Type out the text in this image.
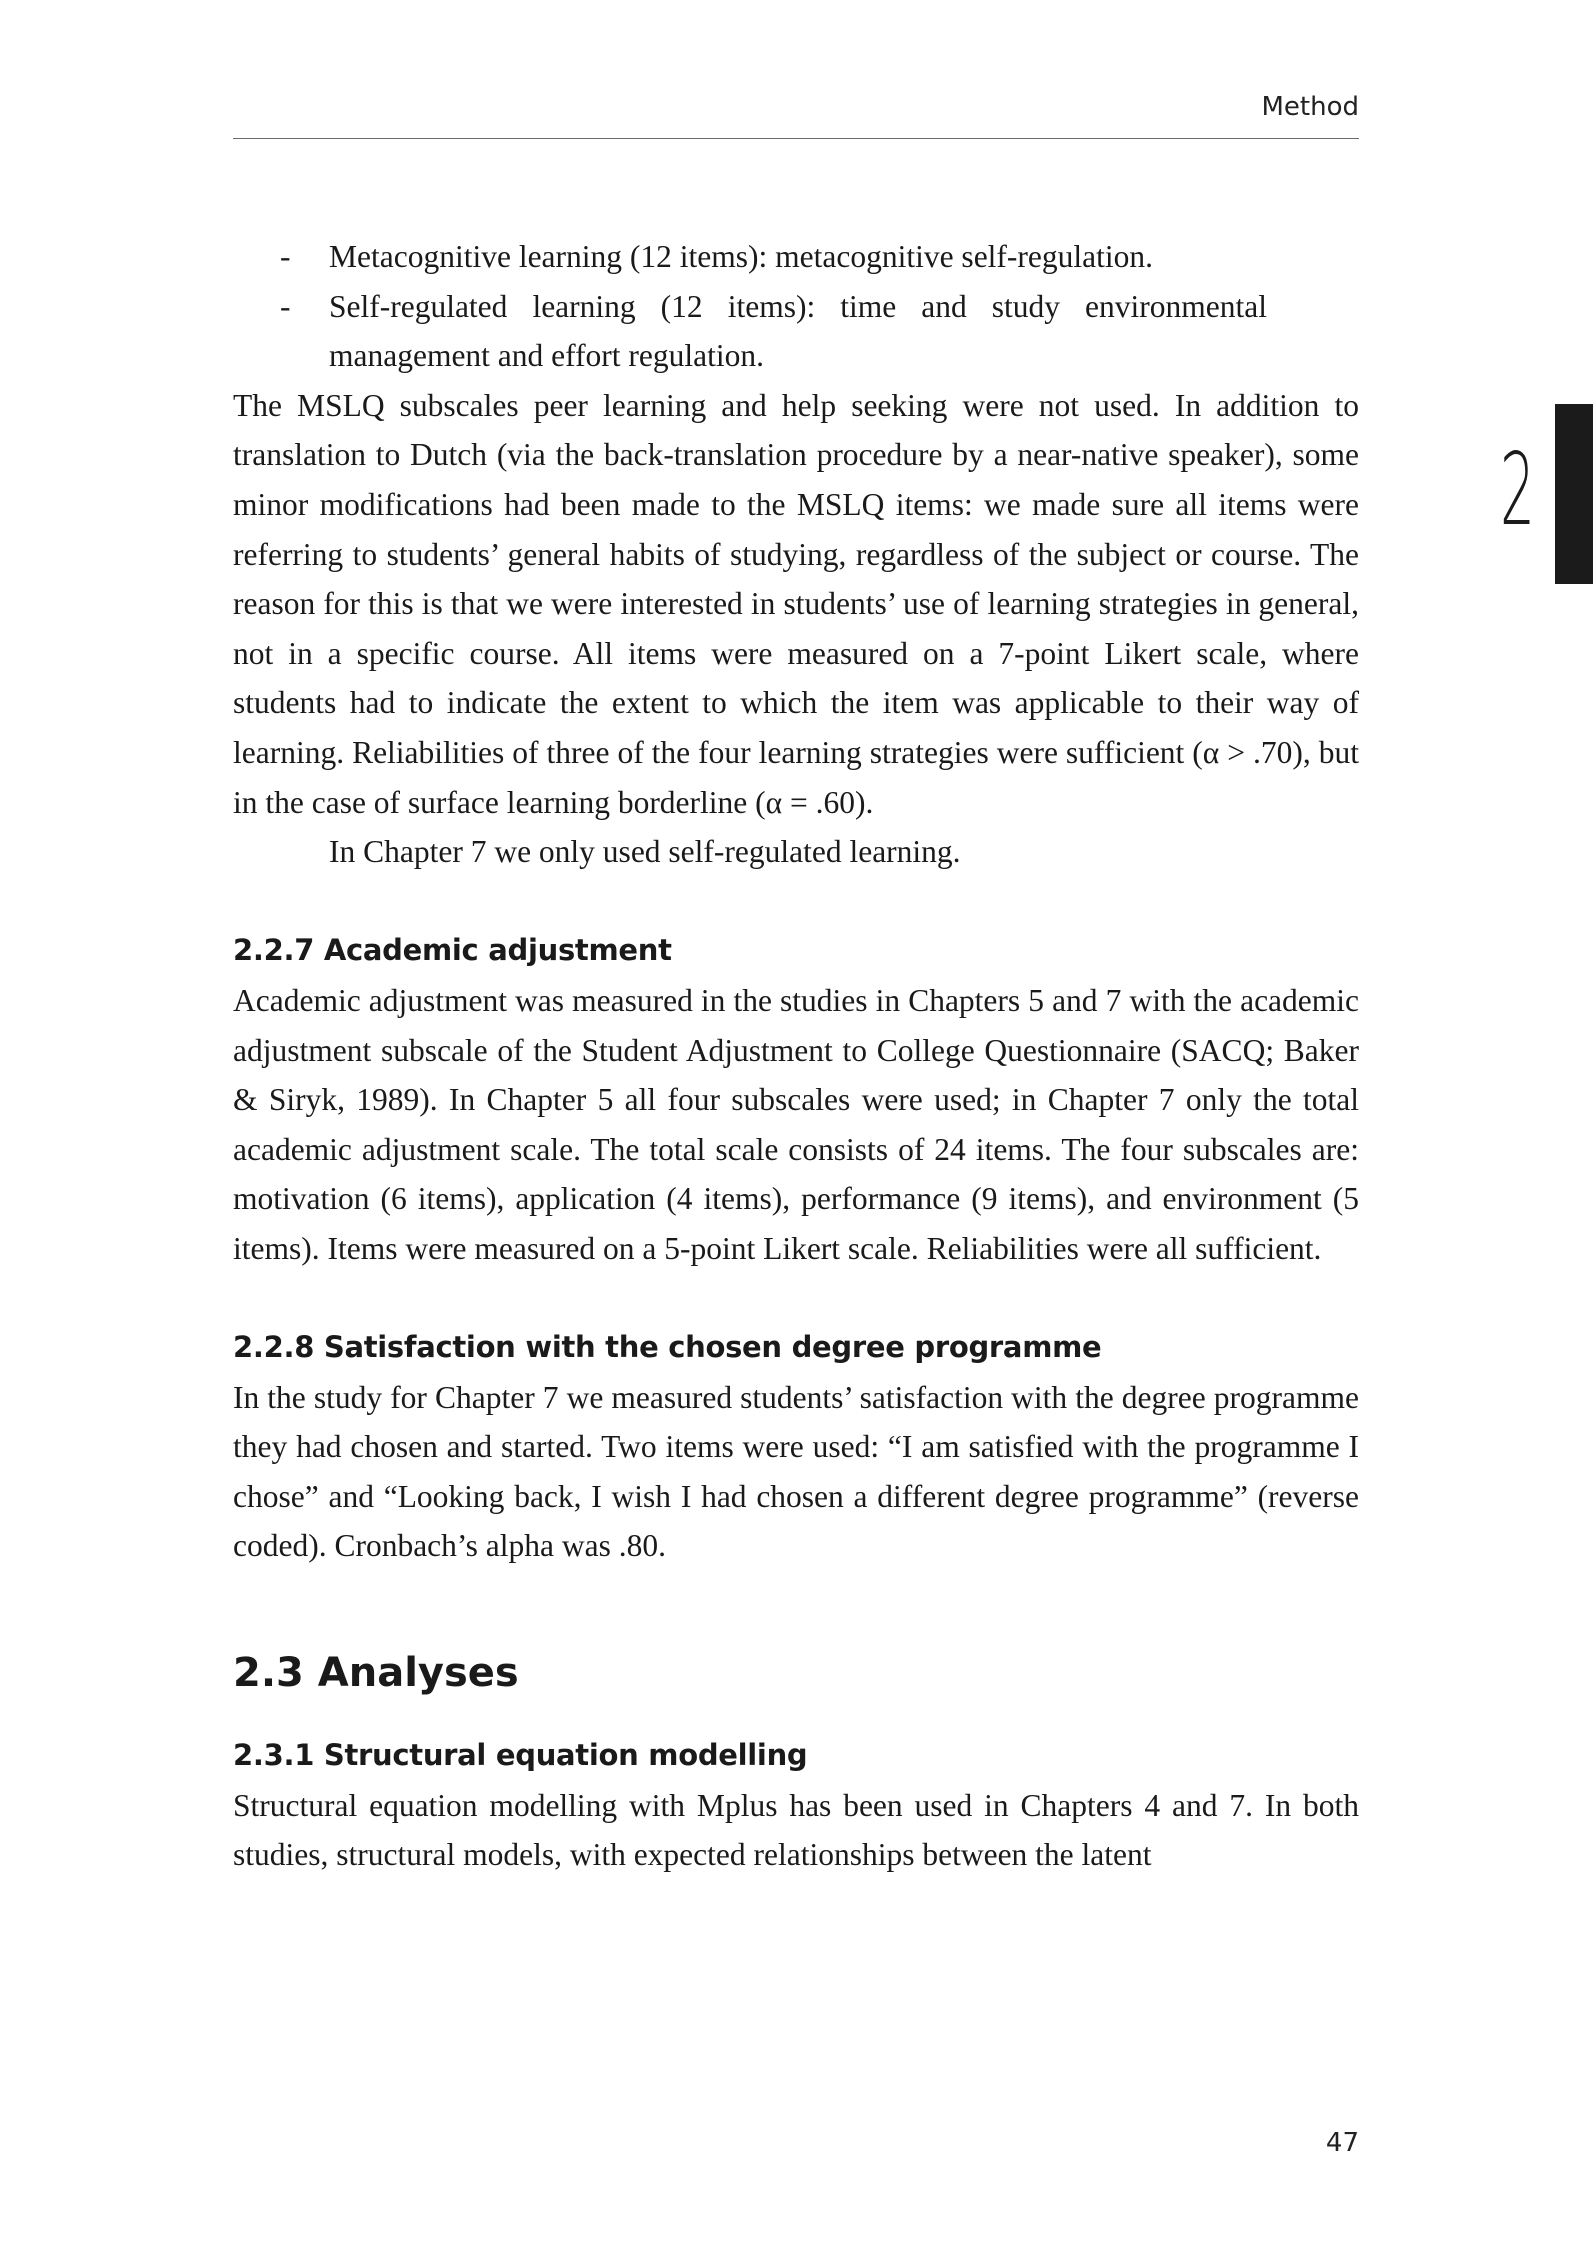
Method
2
- Metacognitive learning (12 items): metacognitive self-regulation.
- Self-regulated learning (12 items): time and study environmental management and effort regulation.

The MSLQ subscales peer learning and help seeking were not used. In addition to translation to Dutch (via the back-translation procedure by a near-native speaker), some minor modifications had been made to the MSLQ items: we made sure all items were referring to students’ general habits of studying, regardless of the subject or course. The reason for this is that we were interested in students’ use of learning strategies in general, not in a specific course. All items were measured on a 7-point Likert scale, where students had to indicate the extent to which the item was applicable to their way of learning. Reliabilities of three of the four learning strategies were sufficient (α > .70), but in the case of surface learning borderline (α = .60).

In Chapter 7 we only used self-regulated learning.

2.2.7 Academic adjustment

Academic adjustment was measured in the studies in Chapters 5 and 7 with the academic adjustment subscale of the Student Adjustment to College Questionnaire (SACQ; Baker & Siryk, 1989). In Chapter 5 all four subscales were used; in Chapter 7 only the total academic adjustment scale. The total scale consists of 24 items. The four subscales are: motivation (6 items), application (4 items), performance (9 items), and environment (5 items). Items were measured on a 5-point Likert scale. Reliabilities were all sufficient.

2.2.8 Satisfaction with the chosen degree programme

In the study for Chapter 7 we measured students’ satisfaction with the degree programme they had chosen and started. Two items were used: “I am satisfied with the programme I chose” and “Looking back, I wish I had chosen a different degree programme” (reverse coded). Cronbach’s alpha was .80.

2.3 Analyses
2.3.1 Structural equation modelling

Structural equation modelling with Mplus has been used in Chapters 4 and 7. In both studies, structural models, with expected relationships between the latent

47
